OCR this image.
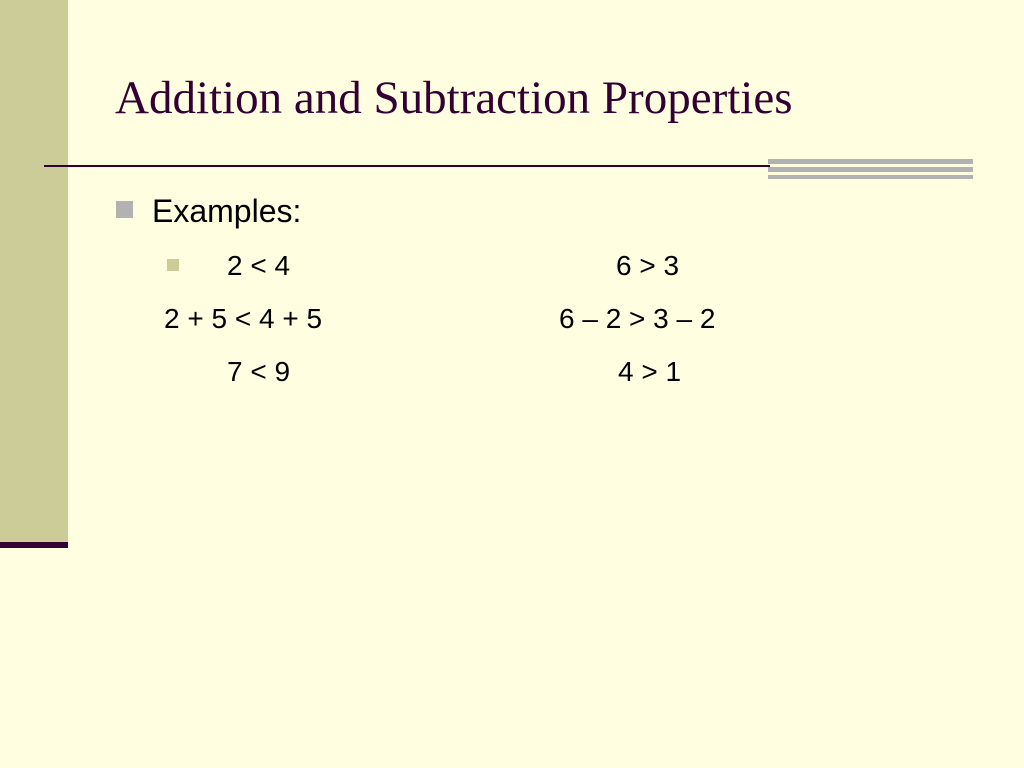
Addition and Subtraction Properties

Examples:

2 < 4	6 > 3
2 + 5 < 4 + 5	6 – 2 > 3 – 2
7 < 9	4 > 1
